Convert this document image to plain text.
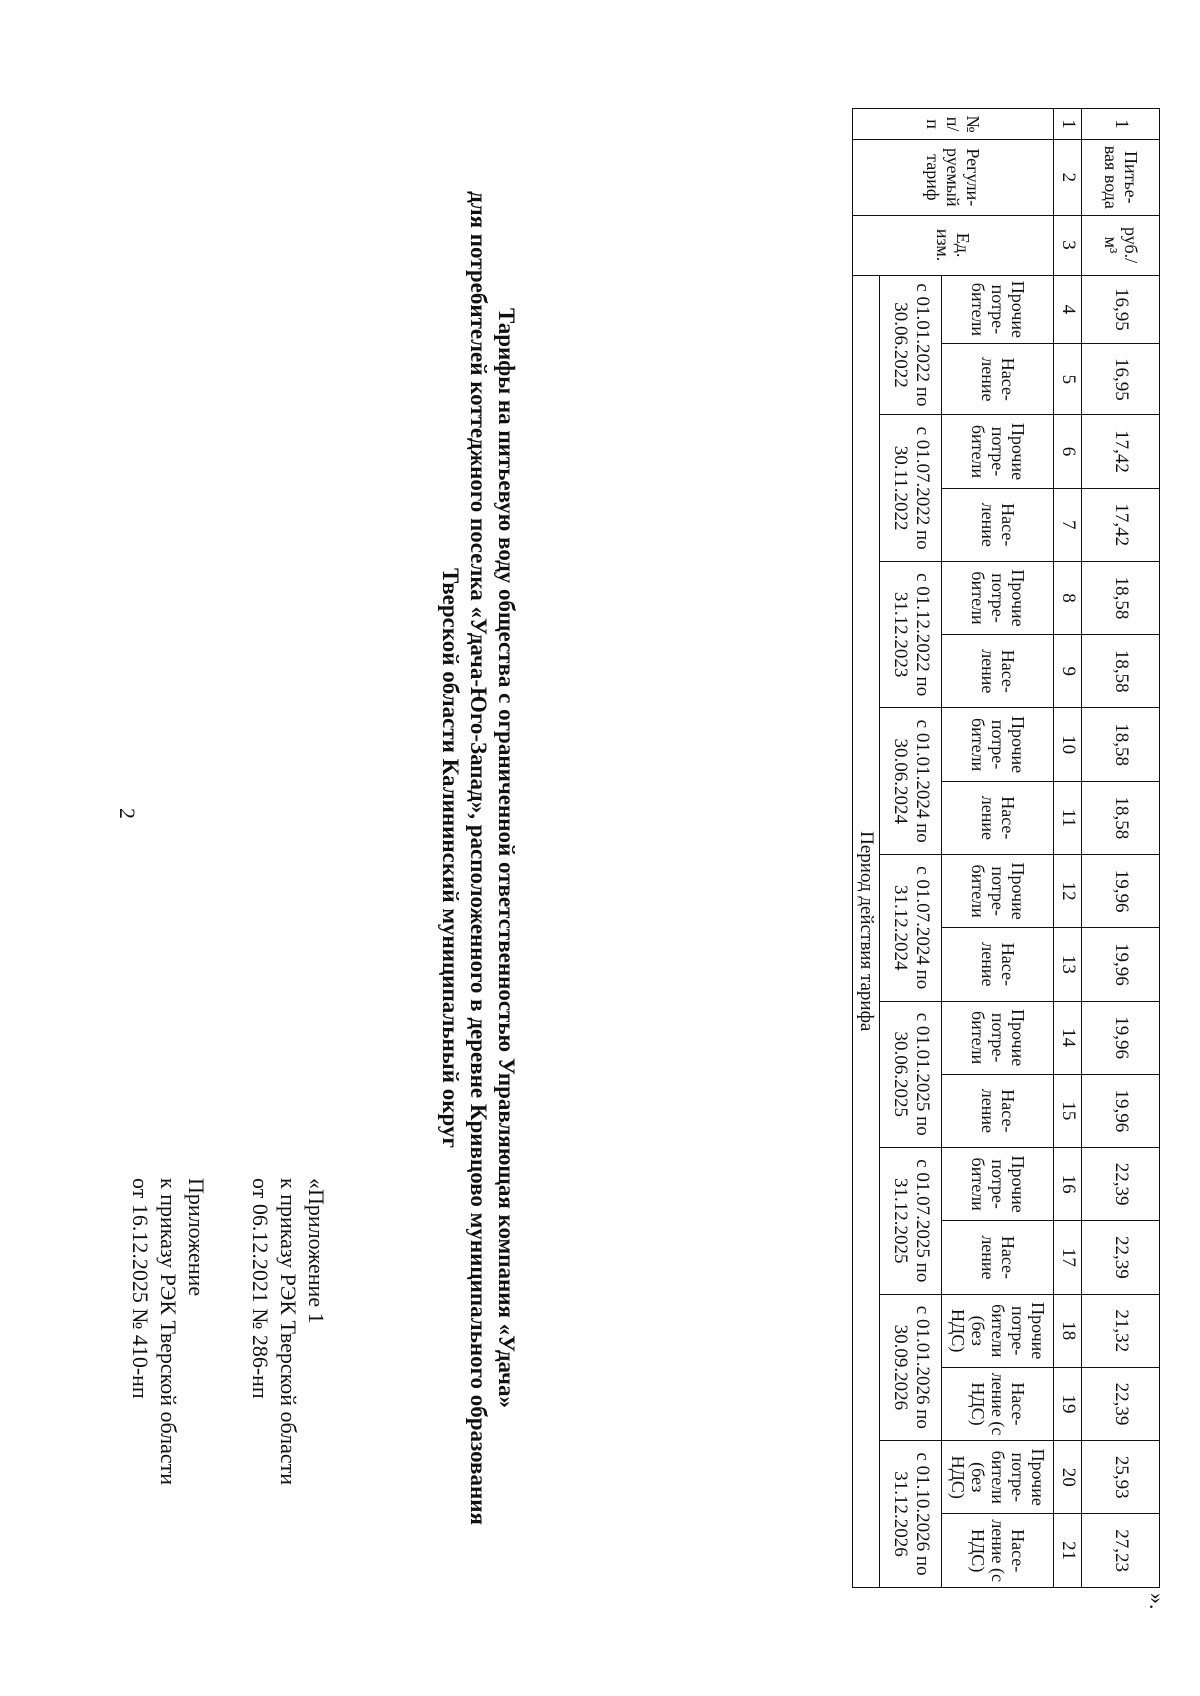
2
Приложение
к приказу РЭК Тверской области
от 16.12.2025 № 410-нп	«Приложение 1
к приказу РЭК Тверской области
от 06.12.2021 № 286-нп	Тарифы на питьевую воду общества с ограниченной ответственностью Управляющая компания «Удача»
для потребителей коттеджного поселка «Удача-Юго-Запад», расположенного в деревне Кривцово муниципального образования
Тверской области Калининский муниципальный округ
№ п/п	Регули-руемый тариф	Ед. изм.	Период действия тарифа																	
			с 01.01.2022 по 30.06.2022		с 01.07.2022 по 30.11.2022		с 01.12.2022 по 31.12.2023		с 01.01.2024 по 30.06.2024		с 01.07.2024 по 31.12.2024		с 01.01.2025 по 30.06.2025		с 01.07.2025 по 31.12.2025		с 01.01.2026 по 30.09.2026		с 01.10.2026 по 31.12.2026	
			Прочие потре-бители	Насе-ление	Прочие потре-бители	Насе-ление	Прочие потре-бители	Насе-ление	Прочие потре-бители	Насе-ление	Прочие потре-бители	Насе-ление	Прочие потре-бители	Насе-ление	Прочие потре-бители	Насе-ление	Прочие потре-бители (без НДС)	Насе-ление (с НДС)	Прочие потре-бители (без НДС)	Насе-ление (с НДС)
1	2	3	4	5	6	7	8	9	10	11	12	13	14	15	16	17	18	19	20	21
1	Питье-вая вода	руб./м³	16,95	16,95	17,42	17,42	18,58	18,58	18,58	18,58	19,96	19,96	19,96	19,96	22,39	22,39	21,32	22,39	25,93	27,23
».
